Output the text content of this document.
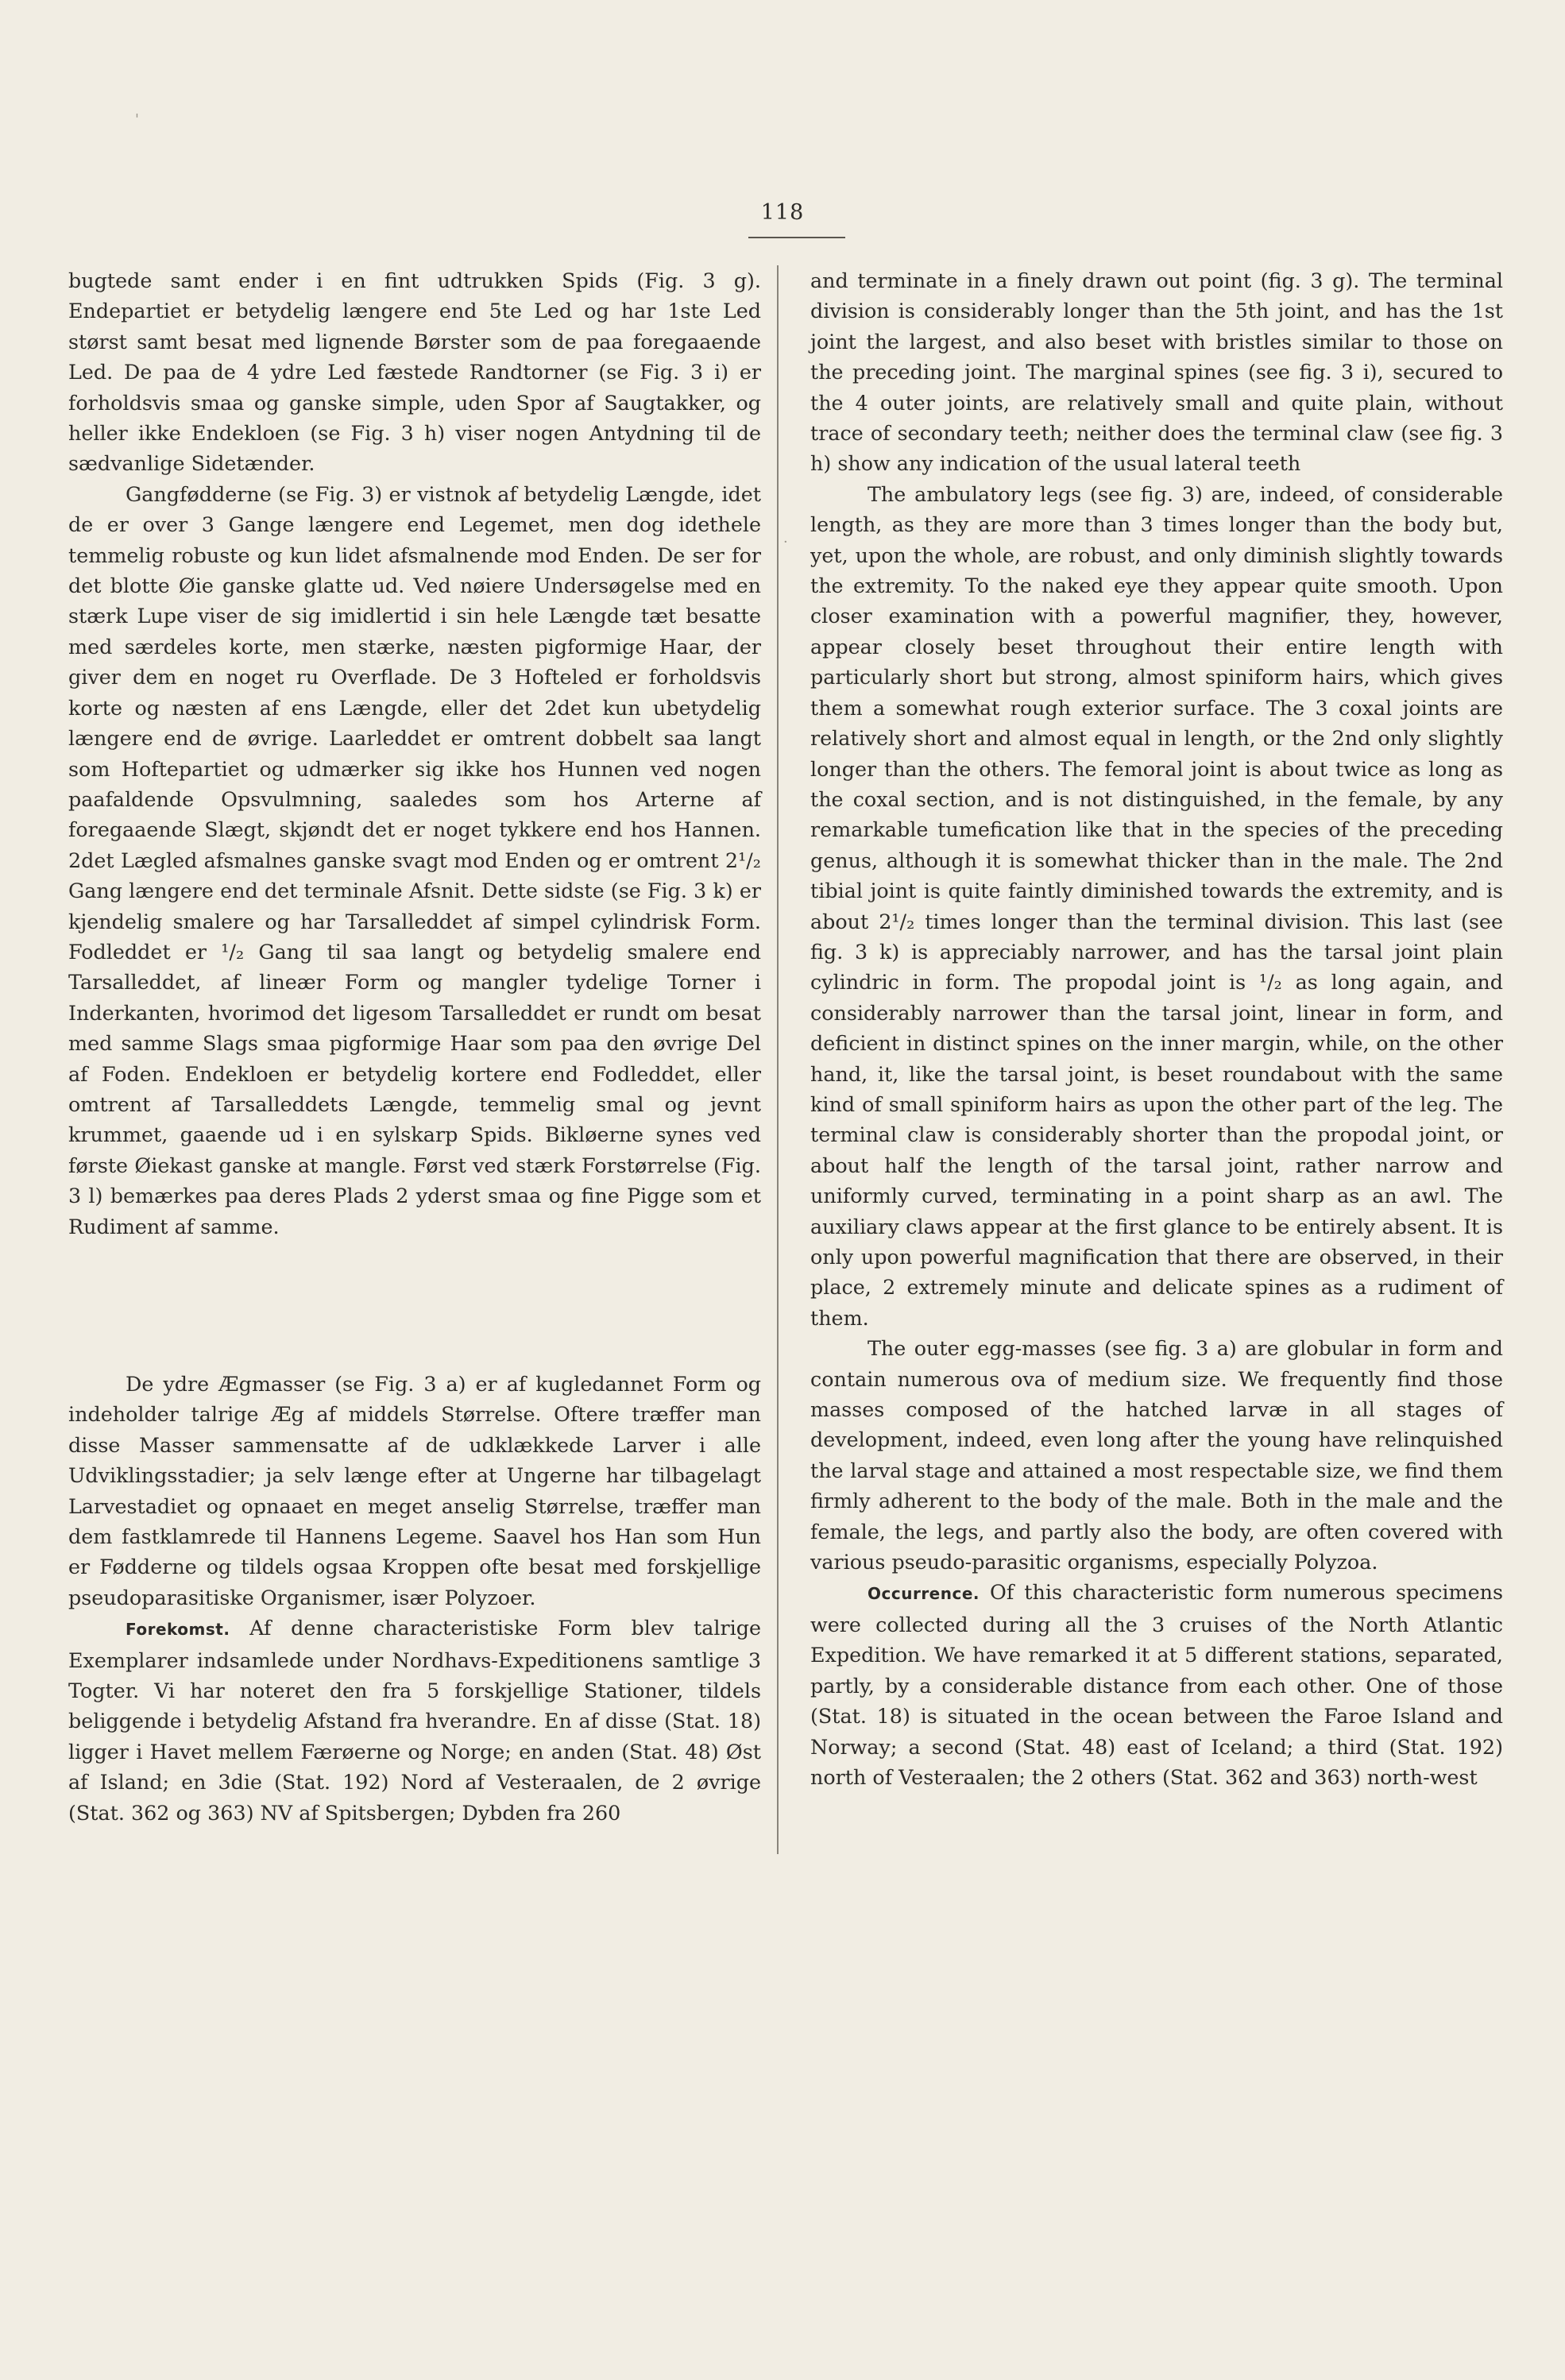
118
·
'

bugtede samt ender i en fint udtrukken Spids (Fig. 3 g). Endepartiet er betydelig længere end 5te Led og har 1ste Led størst samt besat med lignende Børster som de paa foregaaende Led. De paa de 4 ydre Led fæstede Randtorner (se Fig. 3 i) er forholdsvis smaa og ganske simple, uden Spor af Saugtakker, og heller ikke Endekloen (se Fig. 3 h) viser nogen Antydning til de sædvanlige Sidetænder.

Gangfødderne (se Fig. 3) er vistnok af betydelig Længde, idet de er over 3 Gange længere end Legemet, men dog idethele temmelig robuste og kun lidet afsmalnende mod Enden. De ser for det blotte Øie ganske glatte ud. Ved nøiere Undersøgelse med en stærk Lupe viser de sig imidlertid i sin hele Længde tæt besatte med særdeles korte, men stærke, næsten pigformige Haar, der giver dem en noget ru Overflade. De 3 Hofteled er forholdsvis korte og næsten af ens Længde, eller det 2det kun ubetydelig længere end de øvrige. Laarleddet er omtrent dobbelt saa langt som Hoftepartiet og udmærker sig ikke hos Hunnen ved nogen paafaldende Opsvulmning, saaledes som hos Arterne af foregaaende Slægt, skjøndt det er noget tykkere end hos Hannen. 2det Lægled afsmalnes ganske svagt mod Enden og er omtrent 2¹/₂ Gang længere end det terminale Afsnit. Dette sidste (se Fig. 3 k) er kjendelig smalere og har Tarsalleddet af simpel cylindrisk Form. Fodleddet er ¹/₂ Gang til saa langt og betydelig smalere end Tarsalleddet, af lineær Form og mangler tydelige Torner i Inderkanten, hvorimod det ligesom Tarsalleddet er rundt om besat med samme Slags smaa pigformige Haar som paa den øvrige Del af Foden. Endekloen er betydelig kortere end Fodleddet, eller omtrent af Tarsalleddets Længde, temmelig smal og jevnt krummet, gaaende ud i en sylskarp Spids. Bikløerne synes ved første Øiekast ganske at mangle. Først ved stærk Forstørrelse (Fig. 3 l) bemærkes paa deres Plads 2 yderst smaa og fine Pigge som et Rudiment af samme.

De ydre Ægmasser (se Fig. 3 a) er af kugledannet Form og indeholder talrige Æg af middels Størrelse. Oftere træffer man disse Masser sammensatte af de udklækkede Larver i alle Udviklingsstadier; ja selv længe efter at Ungerne har tilbagelagt Larvestadiet og opnaaet en meget anselig Størrelse, træffer man dem fastklamrede til Hannens Legeme. Saavel hos Han som Hun er Fødderne og tildels ogsaa Kroppen ofte besat med forskjellige pseudoparasitiske Organismer, især Polyzoer.

Forekomst. Af denne characteristiske Form blev talrige Exemplarer indsamlede under Nordhavs-Expeditionens samtlige 3 Togter. Vi har noteret den fra 5 forskjellige Stationer, tildels beliggende i betydelig Afstand fra hverandre. En af disse (Stat. 18) ligger i Havet mellem Færøerne og Norge; en anden (Stat. 48) Øst af Island; en 3die (Stat. 192) Nord af Vesteraalen, de 2 øvrige (Stat. 362 og 363) NV af Spitsbergen; Dybden fra 260

and terminate in a finely drawn out point (fig. 3 g). The terminal division is considerably longer than the 5th joint, and has the 1st joint the largest, and also beset with bristles similar to those on the preceding joint. The marginal spines (see fig. 3 i), secured to the 4 outer joints, are relatively small and quite plain, without trace of secondary teeth; neither does the terminal claw (see fig. 3 h) show any indication of the usual lateral teeth

The ambulatory legs (see fig. 3) are, indeed, of considerable length, as they are more than 3 times longer than the body but, yet, upon the whole, are robust, and only diminish slightly towards the extremity. To the naked eye they appear quite smooth. Upon closer examination with a powerful magnifier, they, however, appear closely beset throughout their entire length with particularly short but strong, almost spiniform hairs, which gives them a somewhat rough exterior surface. The 3 coxal joints are relatively short and almost equal in length, or the 2nd only slightly longer than the others. The femoral joint is about twice as long as the coxal section, and is not distinguished, in the female, by any remarkable tumefication like that in the species of the preceding genus, although it is somewhat thicker than in the male. The 2nd tibial joint is quite faintly diminished towards the extremity, and is about 2¹/₂ times longer than the terminal division. This last (see fig. 3 k) is appreciably narrower, and has the tarsal joint plain cylindric in form. The propodal joint is ¹/₂ as long again, and considerably narrower than the tarsal joint, linear in form, and deficient in distinct spines on the inner margin, while, on the other hand, it, like the tarsal joint, is beset roundabout with the same kind of small spiniform hairs as upon the other part of the leg. The terminal claw is considerably shorter than the propodal joint, or about half the length of the tarsal joint, rather narrow and uniformly curved, terminating in a point sharp as an awl. The auxiliary claws appear at the first glance to be entirely absent. It is only upon powerful magnification that there are observed, in their place, 2 extremely minute and delicate spines as a rudiment of them.

The outer egg-masses (see fig. 3 a) are globular in form and contain numerous ova of medium size. We frequently find those masses composed of the hatched larvæ in all stages of development, indeed, even long after the young have relinquished the larval stage and attained a most respectable size, we find them firmly adherent to the body of the male. Both in the male and the female, the legs, and partly also the body, are often covered with various pseudo-parasitic organisms, especially Polyzoa.

Occurrence. Of this characteristic form numerous specimens were collected during all the 3 cruises of the North Atlantic Expedition. We have remarked it at 5 different stations, separated, partly, by a considerable distance from each other. One of those (Stat. 18) is situated in the ocean between the Faroe Island and Norway; a second (Stat. 48) east of Iceland; a third (Stat. 192) north of Vesteraalen; the 2 others (Stat. 362 and 363) north-west
